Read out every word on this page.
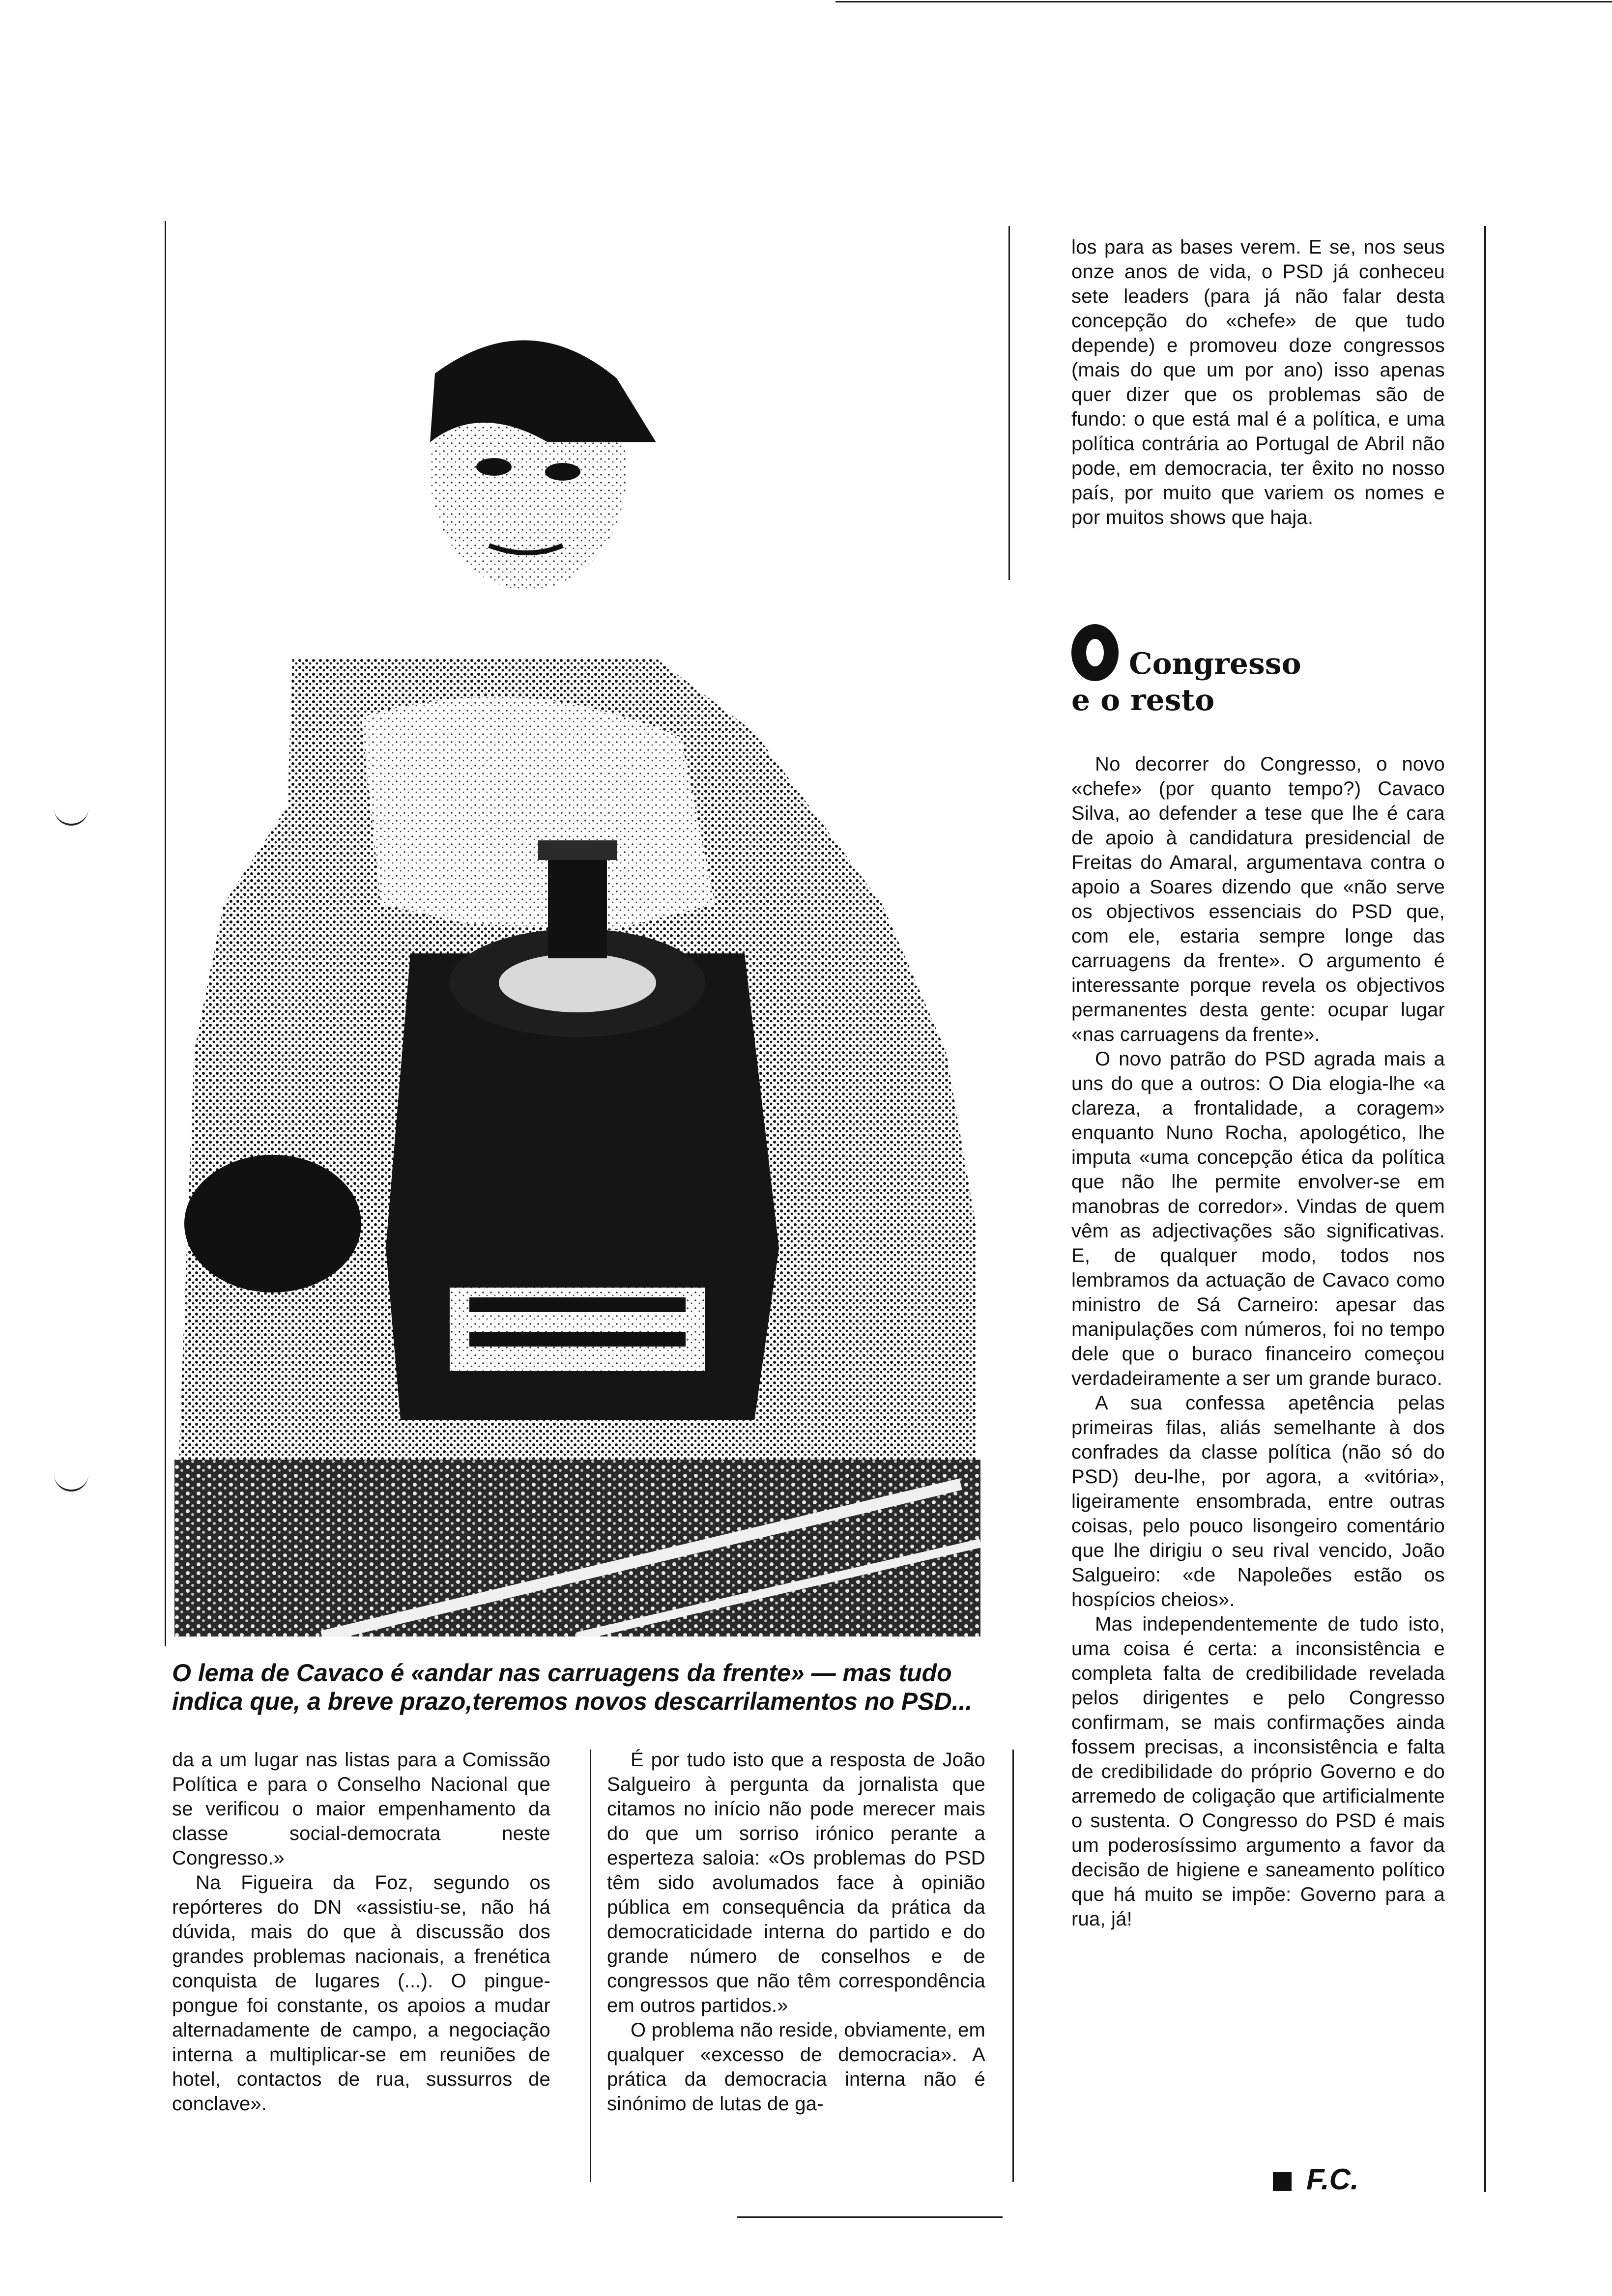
los para as bases verem. E se, nos seus onze anos de vida, o PSD já conheceu sete leaders (para já não falar desta concepção do «chefe» de que tudo depende) e promoveu doze congressos (mais do que um por ano) isso apenas quer dizer que os problemas são de fundo: o que está mal é a política, e uma política contrária ao Portugal de Abril não pode, em democracia, ter êxito no nosso país, por muito que variem os nomes e por muitos shows que haja.

Congresso
e o resto

No decorrer do Congresso, o novo «chefe» (por quanto tempo?) Cavaco Silva, ao defender a tese que lhe é cara de apoio à candidatura presidencial de Freitas do Amaral, argumentava contra o apoio a Soares dizendo que «não serve os objectivos essenciais do PSD que, com ele, estaria sempre longe das carruagens da frente». O argumento é interessante porque revela os objectivos permanentes desta gente: ocupar lugar «nas carruagens da frente».

O novo patrão do PSD agrada mais a uns do que a outros: O Dia elogia-lhe «a clareza, a frontalidade, a coragem» enquanto Nuno Rocha, apologético, lhe imputa «uma concepção ética da política que não lhe permite envolver-se em manobras de corredor». Vindas de quem vêm as adjectivações são significativas. E, de qualquer modo, todos nos lembramos da actuação de Cavaco como ministro de Sá Carneiro: apesar das manipulações com números, foi no tempo dele que o buraco financeiro começou verdadeiramente a ser um grande buraco.

A sua confessa apetência pelas primeiras filas, aliás semelhante à dos confrades da classe política (não só do PSD) deu-lhe, por agora, a «vitória», ligeiramente ensombrada, entre outras coisas, pelo pouco lisongeiro comentário que lhe dirigiu o seu rival vencido, João Salgueiro: «de Napoleões estão os hospícios cheios».

Mas independentemente de tudo isto, uma coisa é certa: a inconsistência e completa falta de credibilidade revelada pelos dirigentes e pelo Congresso confirmam, se mais confirmações ainda fossem precisas, a inconsistência e falta de credibilidade do próprio Governo e do arremedo de coligação que artificialmente o sustenta. O Congresso do PSD é mais um poderosíssimo argumento a favor da decisão de higiene e saneamento político que há muito se impõe: Governo para a rua, já!

O lema de Cavaco é «andar nas carruagens da frente» — mas tudo indica que, a breve prazo,teremos novos descarrilamentos no PSD...

da a um lugar nas listas para a Comissão Política e para o Conselho Nacional que se verificou o maior empenhamento da classe social-democrata neste Congresso.»

Na Figueira da Foz, segundo os repórteres do DN «assistiu-se, não há dúvida, mais do que à discussão dos grandes problemas nacionais, a frenética conquista de lugares (...). O pingue-pongue foi constante, os apoios a mudar alternadamente de campo, a negociação interna a multiplicar-se em reuniões de hotel, contactos de rua, sussurros de conclave».

É por tudo isto que a resposta de João Salgueiro à pergunta da jornalista que citamos no início não pode merecer mais do que um sorriso irónico perante a esperteza saloia: «Os problemas do PSD têm sido avolumados face à opinião pública em consequência da prática da democraticidade interna do partido e do grande número de conselhos e de congressos que não têm correspondência em outros partidos.»

O problema não reside, obviamente, em qualquer «excesso de democracia». A prática da democracia interna não é sinónimo de lutas de ga-

F.C.
